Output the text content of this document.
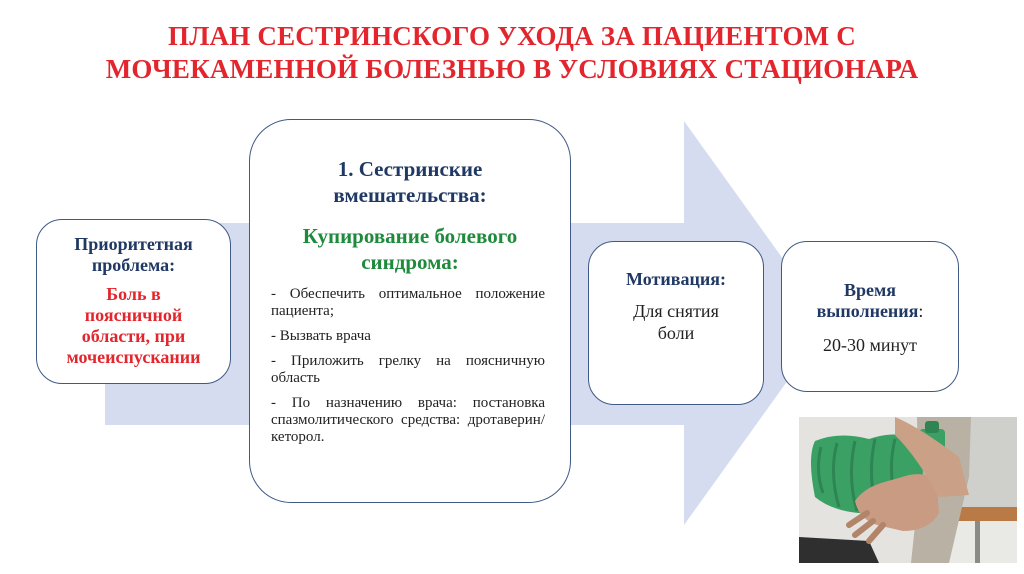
ПЛАН СЕСТРИНСКОГО УХОДА ЗА ПАЦИЕНТОМ С
МОЧЕКАМЕННОЙ БОЛЕЗНЬЮ В УСЛОВИЯХ СТАЦИОНАРА
Приоритетная
проблема:
Боль в
поясничной
области, при
мочеиспускании
1. Сестринские
вмешательства:
Купирование болевого
синдрома:
- Обеспечить оптимальное положение пациента;
- Вызвать врача
- Приложить грелку на поясничную область
- По назначению врача: постановка спазмолитического средства: дротаверин/кеторол.
Мотивация:
Для снятия
боли
Время
выполнения:
20-30 минут
